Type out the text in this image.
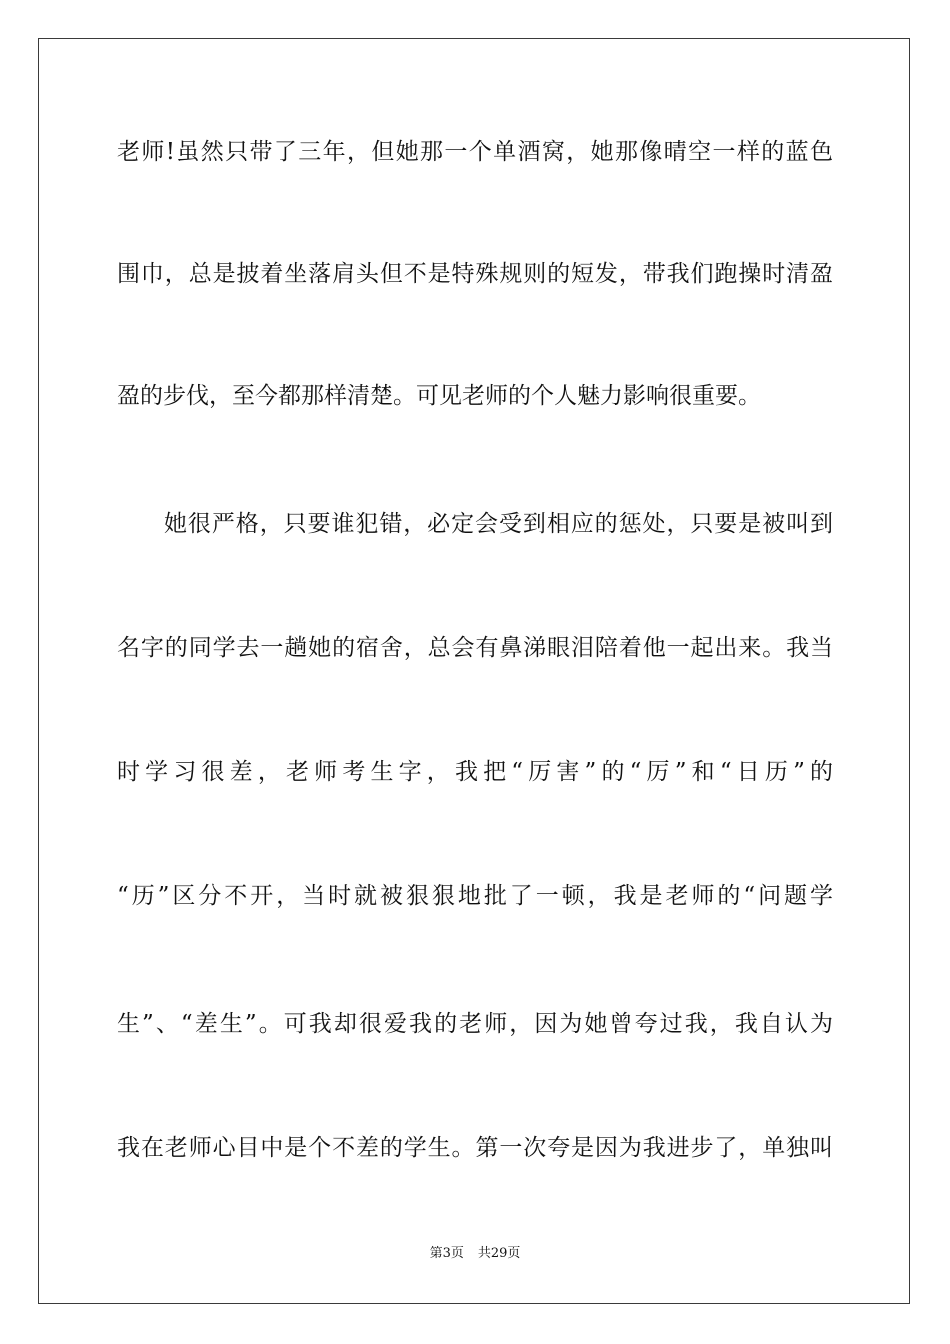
老师!虽然只带了三年，但她那一个单酒窝，她那像晴空一样的蓝色
围巾，总是披着坐落肩头但不是特殊规则的短发，带我们跑操时清盈
盈的步伐，至今都那样清楚。可见老师的个人魅力影响很重要。
她很严格，只要谁犯错，必定会受到相应的惩处，只要是被叫到
名字的同学去一趟她的宿舍，总会有鼻涕眼泪陪着他一起出来。我当
时学习很差，老师考生字，我把“厉害”的“厉”和“日历”的
“历”区分不开，当时就被狠狠地批了一顿，我是老师的“问题学
生”、“差生”。可我却很爱我的老师，因为她曾夸过我，我自认为
我在老师心目中是个不差的学生。第一次夸是因为我进步了，单独叫
第3页 共29页
